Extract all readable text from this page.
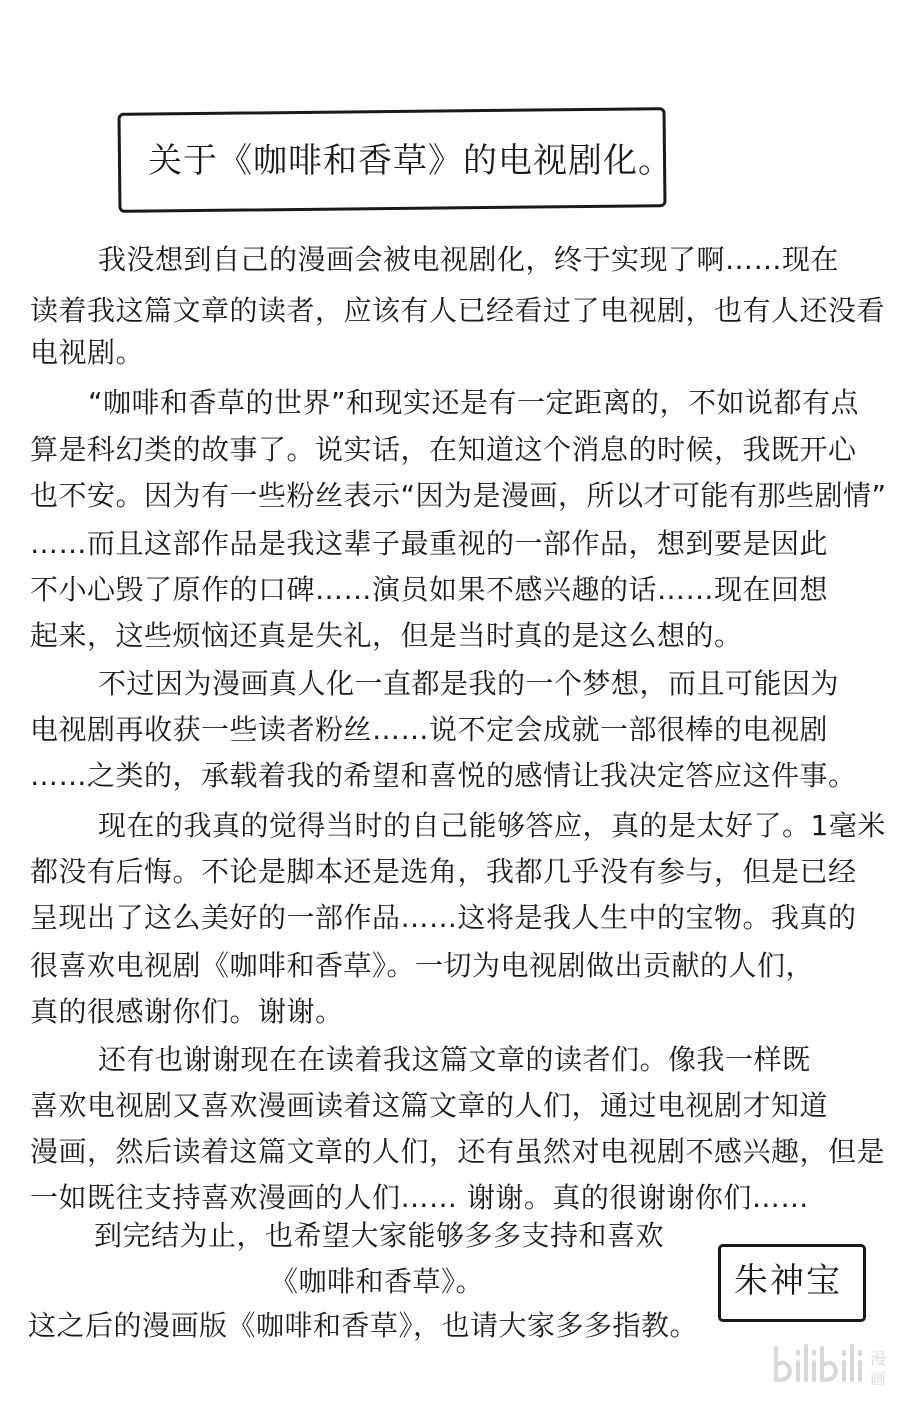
关于《咖啡和香草》的电视剧化。
我没想到自己的漫画会被电视剧化，终于实现了啊……现在
读着我这篇文章的读者，应该有人已经看过了电视剧，也有人还没看
电视剧。
“咖啡和香草的世界”和现实还是有一定距离的，不如说都有点
算是科幻类的故事了。说实话，在知道这个消息的时候，我既开心
也不安。因为有一些粉丝表示“因为是漫画，所以才可能有那些剧情”
……而且这部作品是我这辈子最重视的一部作品，想到要是因此
不小心毁了原作的口碑……演员如果不感兴趣的话……现在回想
起来，这些烦恼还真是失礼，但是当时真的是这么想的。
不过因为漫画真人化一直都是我的一个梦想，而且可能因为
电视剧再收获一些读者粉丝……说不定会成就一部很棒的电视剧
……之类的，承载着我的希望和喜悦的感情让我决定答应这件事。
现在的我真的觉得当时的自己能够答应，真的是太好了。1毫米
都没有后悔。不论是脚本还是选角，我都几乎没有参与，但是已经
呈现出了这么美好的一部作品……这将是我人生中的宝物。我真的
很喜欢电视剧《咖啡和香草》。一切为电视剧做出贡献的人们，
真的很感谢你们。谢谢。
还有也谢谢现在在读着我这篇文章的读者们。像我一样既
喜欢电视剧又喜欢漫画读着这篇文章的人们，通过电视剧才知道
漫画，然后读着这篇文章的人们，还有虽然对电视剧不感兴趣，但是
一如既往支持喜欢漫画的人们…… 谢谢。真的很谢谢你们……
到完结为止，也希望大家能够多多支持和喜欢
《咖啡和香草》。
这之后的漫画版《咖啡和香草》，也请大家多多指教。
朱神宝
漫
画
